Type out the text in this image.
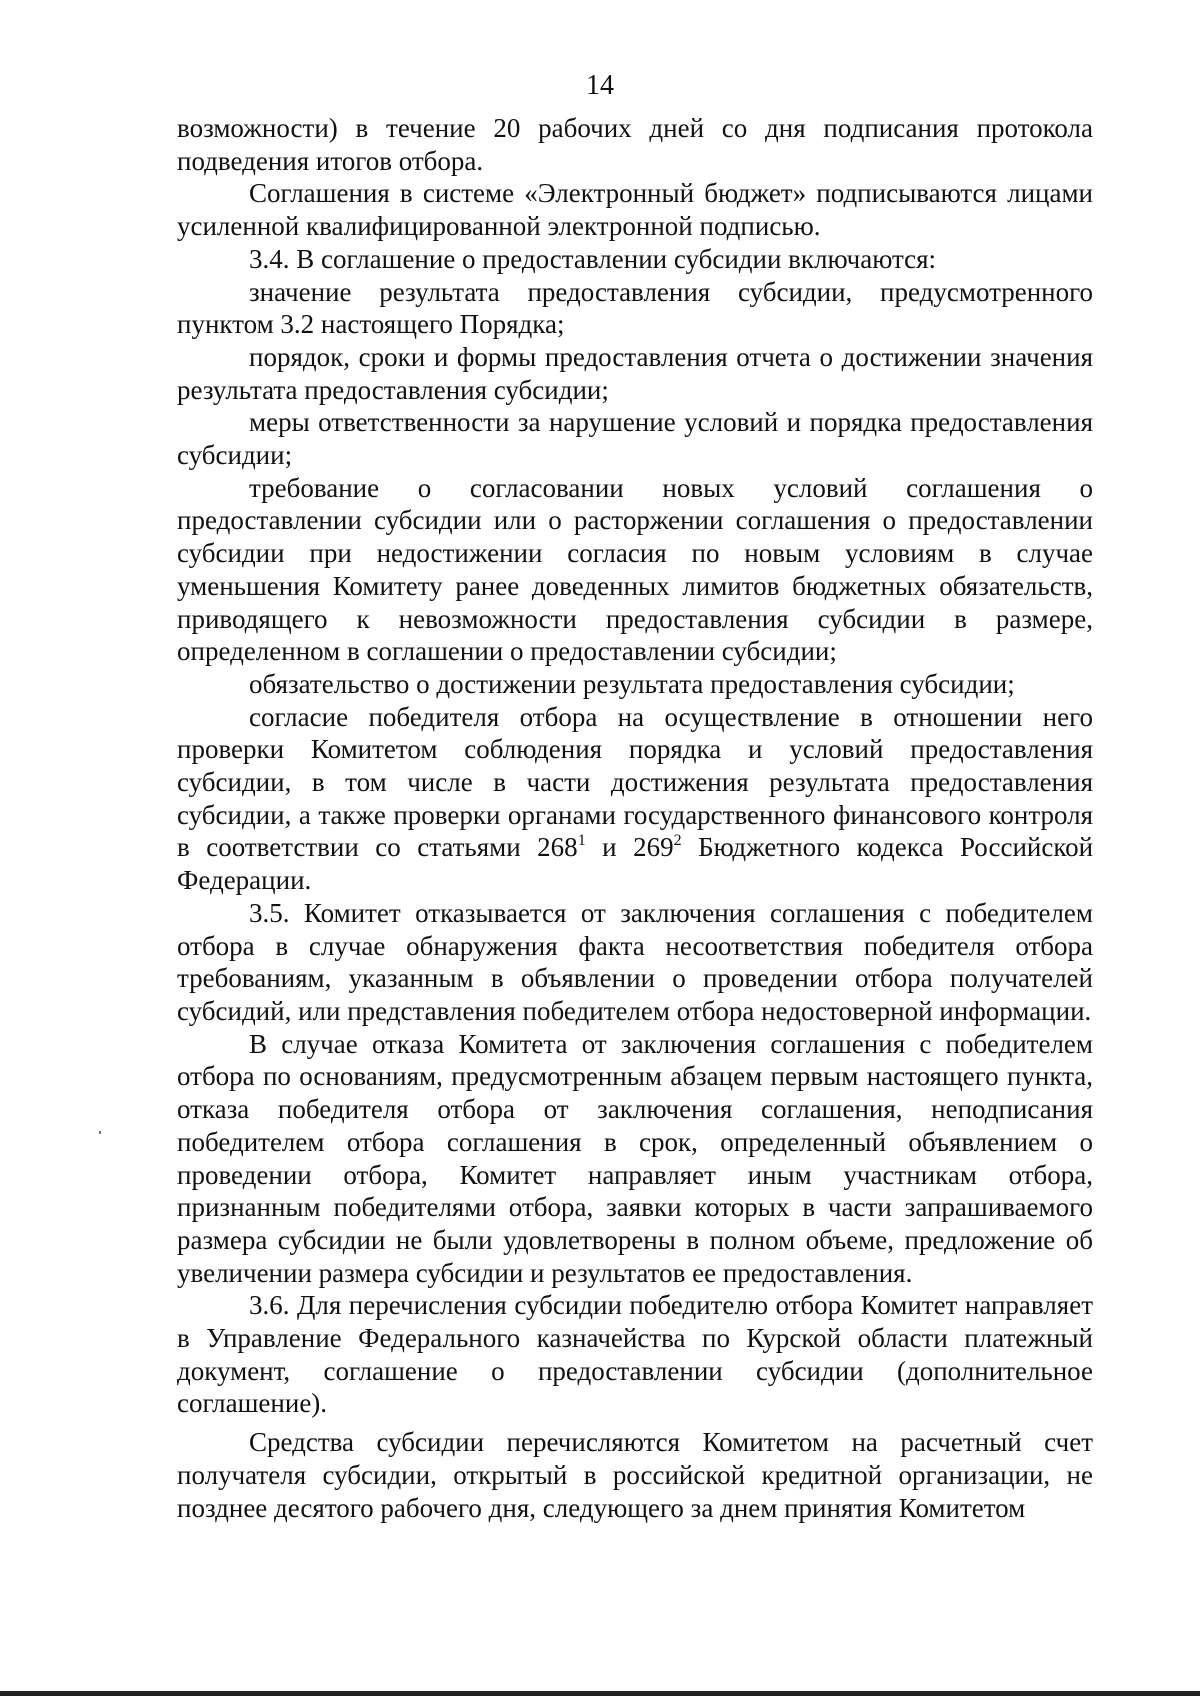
14

возможности) в течение 20 рабочих дней со дня подписания протокола подведения итогов отбора.

Соглашения в системе «Электронный бюджет» подписываются лицами усиленной квалифицированной электронной подписью.

3.4. В соглашение о предоставлении субсидии включаются:

значение результата предоставления субсидии, предусмотренного пунктом 3.2 настоящего Порядка;

порядок, сроки и формы предоставления отчета о достижении значения результата предоставления субсидии;

меры ответственности за нарушение условий и порядка предоставления субсидии;

требование о согласовании новых условий соглашения о предоставлении субсидии или о расторжении соглашения о предоставлении субсидии при недостижении согласия по новым условиям в случае уменьшения Комитету ранее доведенных лимитов бюджетных обязательств, приводящего к невозможности предоставления субсидии в размере, определенном в соглашении о предоставлении субсидии;

обязательство о достижении результата предоставления субсидии;

согласие победителя отбора на осуществление в отношении него проверки Комитетом соблюдения порядка и условий предоставления субсидии, в том числе в части достижения результата предоставления субсидии, а также проверки органами государственного финансового контроля в соответствии со статьями $268^1$ и $269^2$ Бюджетного кодекса Российской Федерации.

3.5. Комитет отказывается от заключения соглашения с победителем отбора в случае обнаружения факта несоответствия победителя отбора требованиям, указанным в объявлении о проведении отбора получателей субсидий, или представления победителем отбора недостоверной информации.

В случае отказа Комитета от заключения соглашения с победителем отбора по основаниям, предусмотренным абзацем первым настоящего пункта, отказа победителя отбора от заключения соглашения, неподписания победителем отбора соглашения в срок, определенный объявлением о проведении отбора, Комитет направляет иным участникам отбора, признанным победителями отбора, заявки которых в части запрашиваемого размера субсидии не были удовлетворены в полном объеме, предложение об увеличении размера субсидии и результатов ее предоставления.

3.6. Для перечисления субсидии победителю отбора Комитет направляет в Управление Федерального казначейства по Курской области платежный документ, соглашение о предоставлении субсидии (дополнительное соглашение).

Средства субсидии перечисляются Комитетом на расчетный счет получателя субсидии, открытый в российской кредитной организации, не позднее десятого рабочего дня, следующего за днем принятия Комитетом
